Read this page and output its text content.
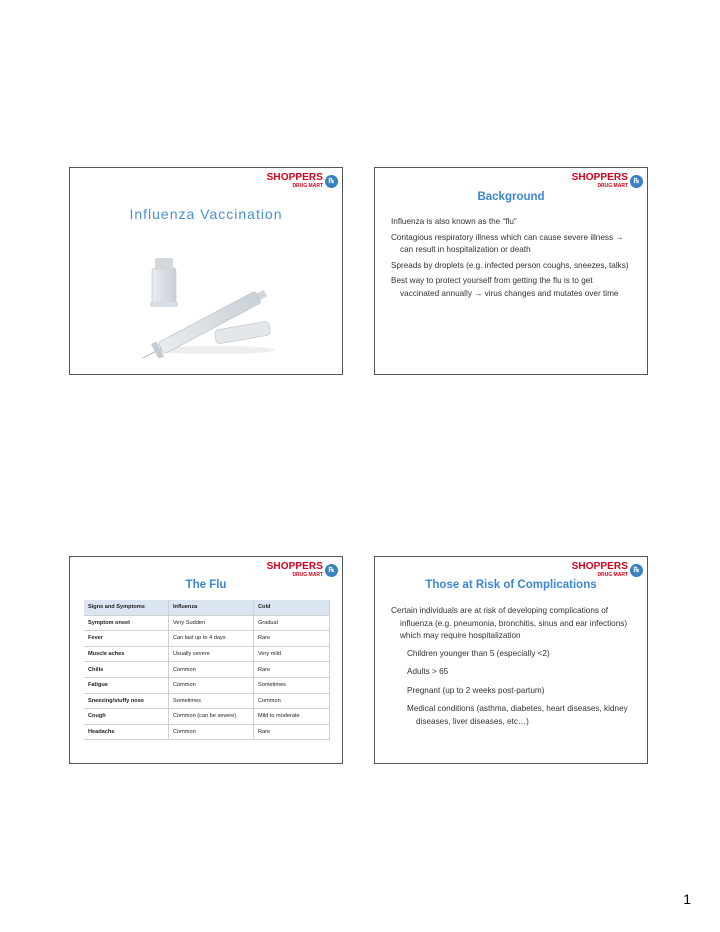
SHOPPERS
DRUG MART
℞
Influenza Vaccination
SHOPPERS
DRUG MART
℞
Background
Influenza is also known as the “flu”
Contagious respiratory illness which can cause severe illness → can result in hospitalization or death
Spreads by droplets (e.g. infected person coughs, sneezes, talks)
Best way to protect yourself from getting the flu is to get vaccinated annually → virus changes and mutates over time
SHOPPERS
DRUG MART
℞
The Flu
Signs and Symptoms	Influenza	Cold
Symptom onset	Very Sudden	Gradual
Fever	Can last up to 4 days	Rare
Muscle aches	Usually severe	Very mild
Chills	Common	Rare
Fatigue	Common	Sometimes
Sneezing/stuffy nose	Sometimes	Common
Cough	Common (can be severe)	Mild to moderate
Headache	Common	Rare
SHOPPERS
DRUG MART
℞
Those at Risk of Complications
Certain individuals are at risk of developing complications of influenza (e.g. pneumonia, bronchitis, sinus and ear infections) which may require hospitalization
Children younger than 5 (especially <2)
Adults > 65
Pregnant (up to 2 weeks post-partum)
Medical conditions (asthma, diabetes, heart diseases, kidney diseases, liver diseases, etc…)
1
